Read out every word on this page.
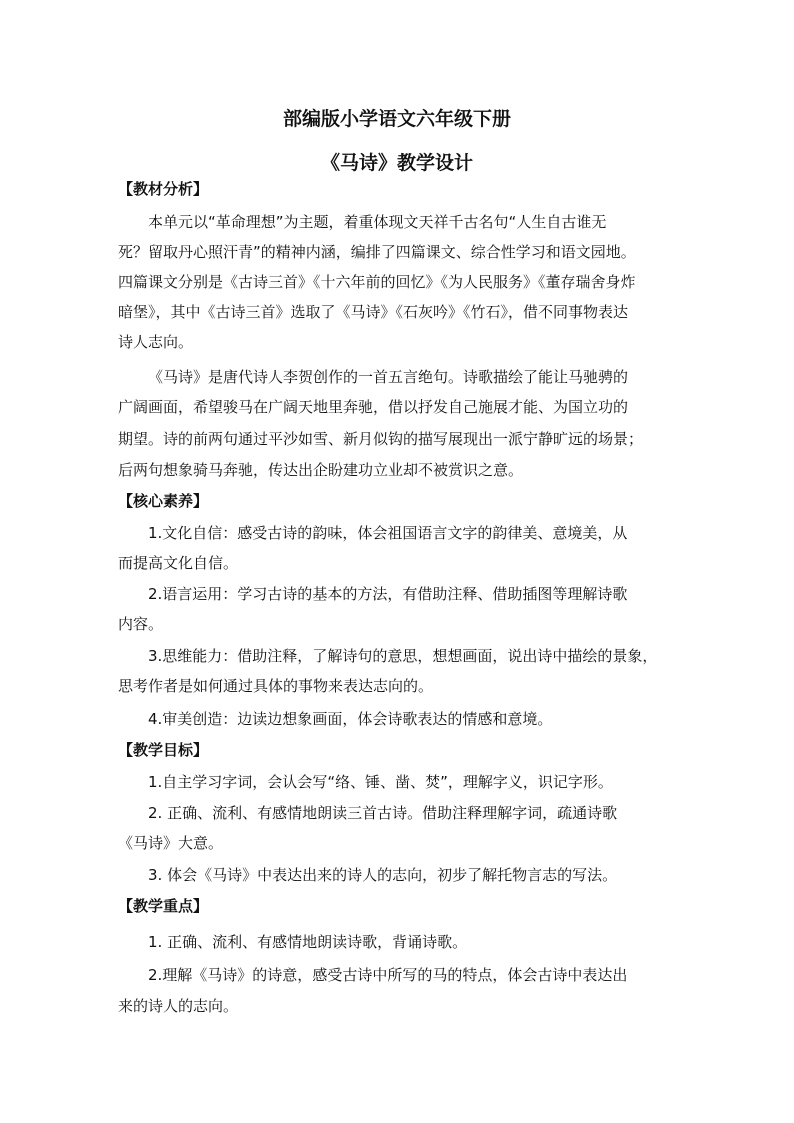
部编版小学语文六年级下册
《马诗》教学设计
【教材分析】
本单元以“革命理想”为主题，着重体现文天祥千古名句“人生自古谁无
死？留取丹心照汗青”的精神内涵，编排了四篇课文、综合性学习和语文园地。
四篇课文分别是《古诗三首》《十六年前的回忆》《为人民服务》《董存瑞舍身炸
暗堡》，其中《古诗三首》选取了《马诗》《石灰吟》《竹石》，借不同事物表达
诗人志向。
《马诗》是唐代诗人李贺创作的一首五言绝句。诗歌描绘了能让马驰骋的
广阔画面，希望骏马在广阔天地里奔驰，借以抒发自己施展才能、为国立功的
期望。诗的前两句通过平沙如雪、新月似钩的描写展现出一派宁静旷远的场景；
后两句想象骑马奔驰，传达出企盼建功立业却不被赏识之意。
【核心素养】
1.文化自信：感受古诗的韵味，体会祖国语言文字的韵律美、意境美，从
而提高文化自信。
2.语言运用：学习古诗的基本的方法，有借助注释、借助插图等理解诗歌
内容。
3.思维能力：借助注释，了解诗句的意思，想想画面，说出诗中描绘的景象，
思考作者是如何通过具体的事物来表达志向的。
4.审美创造：边读边想象画面，体会诗歌表达的情感和意境。
【教学目标】
1.自主学习字词，会认会写“络、锤、凿、焚”，理解字义，识记字形。
2. 正确、流利、有感情地朗读三首古诗。借助注释理解字词，疏通诗歌
《马诗》大意。
3. 体会《马诗》中表达出来的诗人的志向，初步了解托物言志的写法。
【教学重点】
1. 正确、流利、有感情地朗读诗歌，背诵诗歌。
2.理解《马诗》的诗意，感受古诗中所写的马的特点，体会古诗中表达出
来的诗人的志向。
